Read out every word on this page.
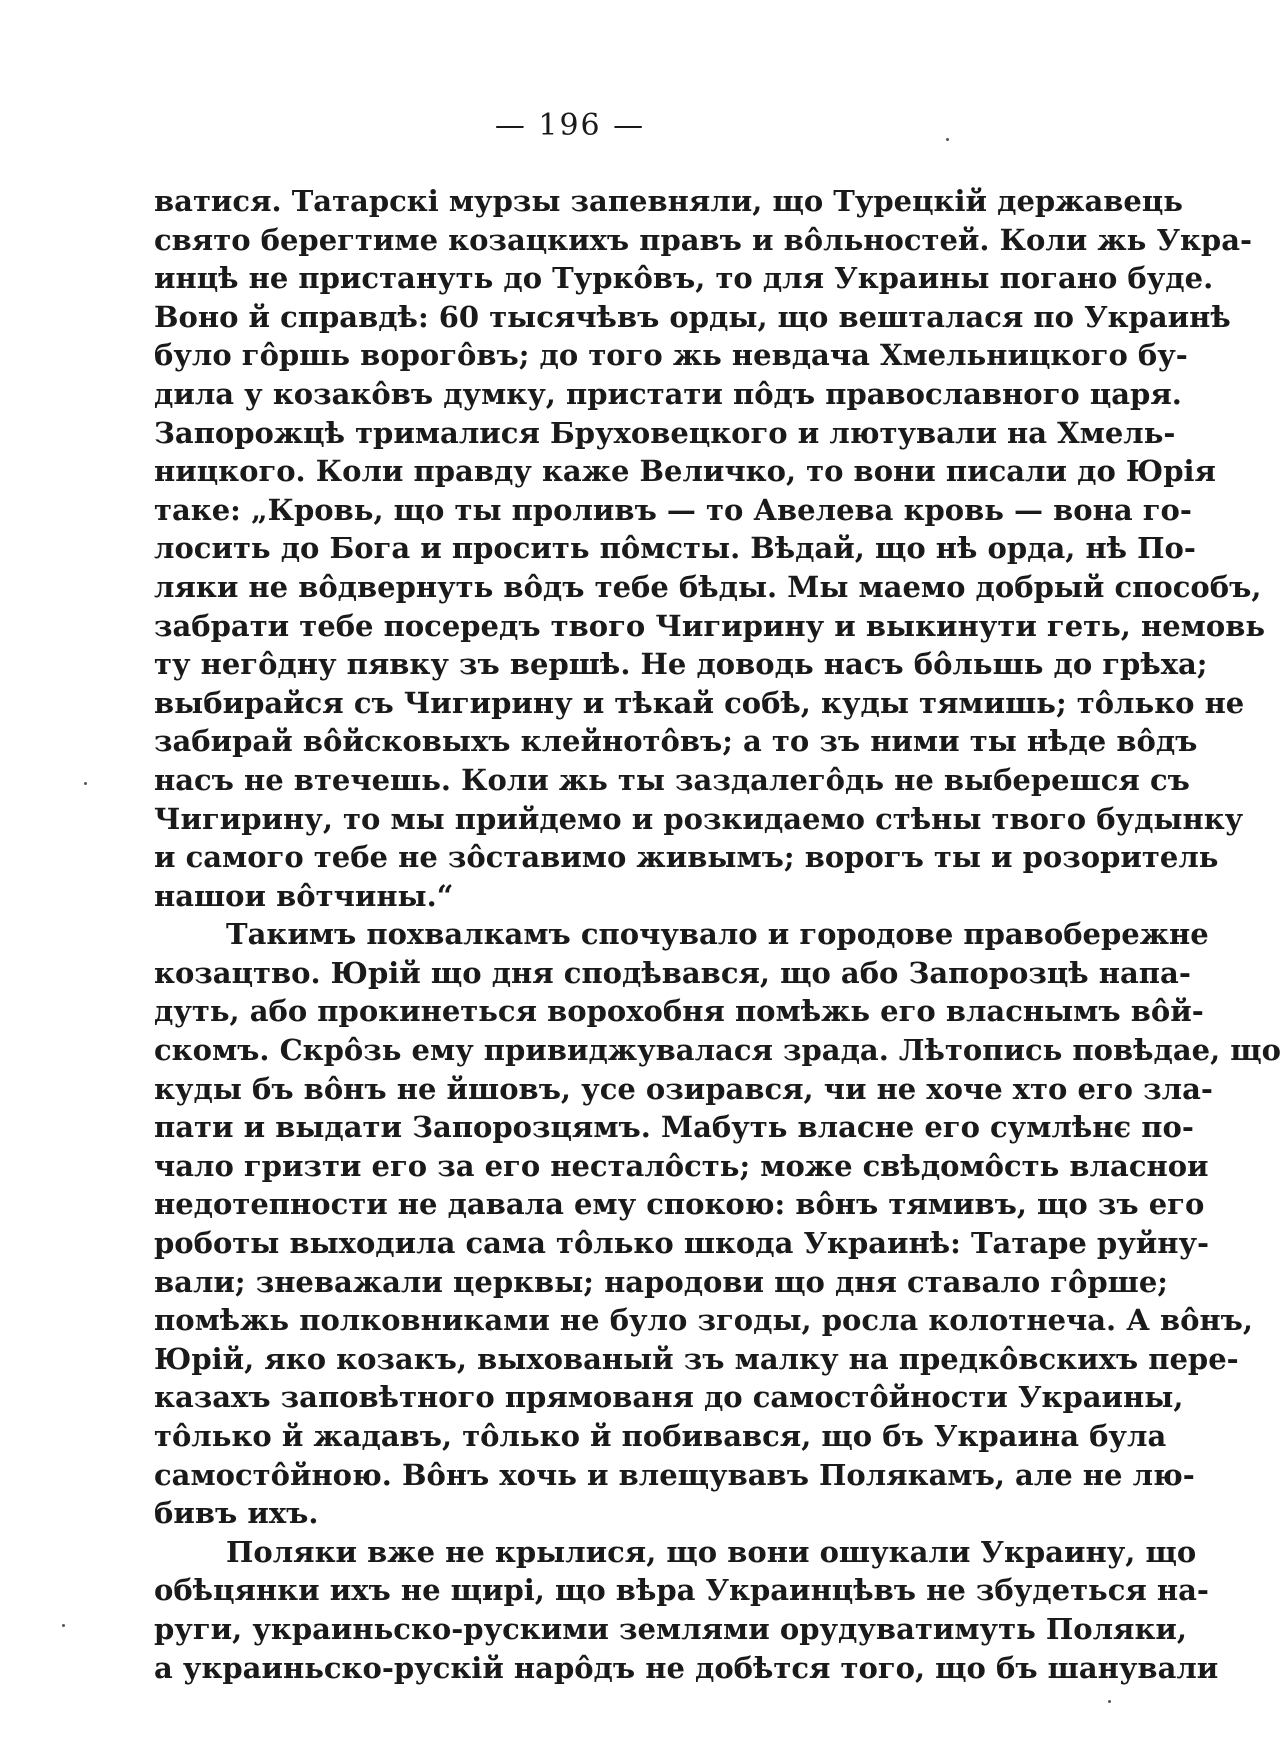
— 196 —
ватися. Татарскі мурзы запевняли, що Турецкій державець
свято берегтиме козацкихъ правъ и вôльностей. Коли жь Укра-
инцѣ не пристануть до Туркôвъ, то для Украины погано буде.
Воно й справдѣ: 60 тысячѣвъ орды, що вешталася по Украинѣ
було гôршь ворогôвъ; до того жь невдача Хмельницкого бу-
дила у козакôвъ думку, пристати пôдъ православного царя.
Запорожцѣ трималися Бруховецкого и лютували на Хмель-
ницкого. Коли правду каже Величко, то вони писали до Юрія
таке: „Кровь, що ты проливъ — то Авелева кровь — вона го-
лосить до Бога и просить пôмсты. Вѣдай, що нѣ орда, нѣ По-
ляки не вôдвернуть вôдъ тебе бѣды. Мы маемо добрый способъ,
забрати тебе посередъ твого Чигирину и выкинути геть, немовь
ту негôдну пявку зъ вершѣ. Не доводь насъ бôльшь до грѣха;
выбирайся съ Чигирину и тѣкай собѣ, куды тямишь; тôлько не
забирай вôйсковыхъ клейнотôвъ; а то зъ ними ты нѣде вôдъ
насъ не втечешь. Коли жь ты заздалегôдь не выберешся съ
Чигирину, то мы прийдемо и розкидаемо стѣны твого будынку
и самого тебе не зôставимо живымъ; ворогъ ты и розоритель
нашои вôтчины.“
Такимъ похвалкамъ спочувало и городове правобережне
козацтво. Юрій що дня сподѣвався, що або Запорозцѣ напа-
дуть, або прокинеться ворохобня помѣжь его власнымъ вôй-
скомъ. Скрôзь ему привиджувалася зрада. Лѣтопись повѣдае, що
куды бъ вôнъ не йшовъ, усе озирався, чи не хоче хто его зла-
пати и выдати Запорозцямъ. Мабуть власне его сумлѣнє по-
чало гризти его за его несталôсть; може свѣдомôсть власнои
недотепности не давала ему спокою: вôнъ тямивъ, що зъ его
роботы выходила сама тôлько шкода Украинѣ: Татаре руйну-
вали; зневажали церквы; народови що дня ставало гôрше;
помѣжь полковниками не було згоды, росла колотнеча. А вôнъ,
Юрій, яко козакъ, выхованый зъ малку на предкôвскихъ пере-
казахъ заповѣтного прямованя до самостôйности Украины,
тôлько й жадавъ, тôлько й побивався, що бъ Украина була
самостôйною. Вôнъ хочь и влещувавъ Полякамъ, але не лю-
бивъ ихъ.
Поляки вже не крылися, що вони ошукали Украину, що
обѣцянки ихъ не щирі, що вѣра Украинцѣвъ не збудеться на-
руги, украиньско-рускими землями орудуватимуть Поляки,
а украиньско-рускій нарôдъ не добѣтся того, що бъ шанували
